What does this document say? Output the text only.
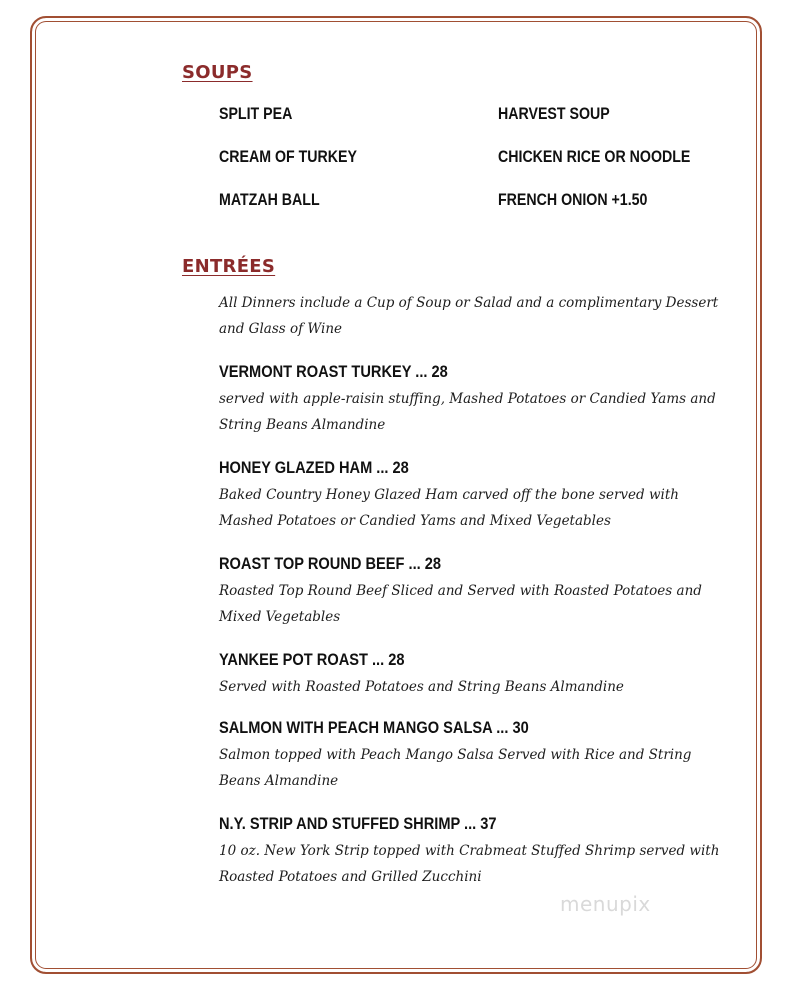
SOUPS
SPLIT PEA	HARVEST SOUP
CREAM OF TURKEY	CHICKEN RICE OR NOODLE
MATZAH BALL	FRENCH ONION +1.50
ENTRÉES

All Dinners include a Cup of Soup or Salad and a complimentary Dessert and Glass of Wine

VERMONT ROAST TURKEY ... 28
served with apple-raisin stuffing, Mashed Potatoes or Candied Yams and String Beans Almandine
HONEY GLAZED HAM ... 28
Baked Country Honey Glazed Ham carved off the bone served with Mashed Potatoes or Candied Yams and Mixed Vegetables
ROAST TOP ROUND BEEF ... 28
Roasted Top Round Beef Sliced and Served with Roasted Potatoes and Mixed Vegetables
YANKEE POT ROAST ... 28
Served with Roasted Potatoes and String Beans Almandine
SALMON WITH PEACH MANGO SALSA ... 30
Salmon topped with Peach Mango Salsa Served with Rice and String Beans Almandine
N.Y. STRIP AND STUFFED SHRIMP ... 37
10 oz. New York Strip topped with Crabmeat Stuffed Shrimp served with Roasted Potatoes and Grilled Zucchini
menupix
